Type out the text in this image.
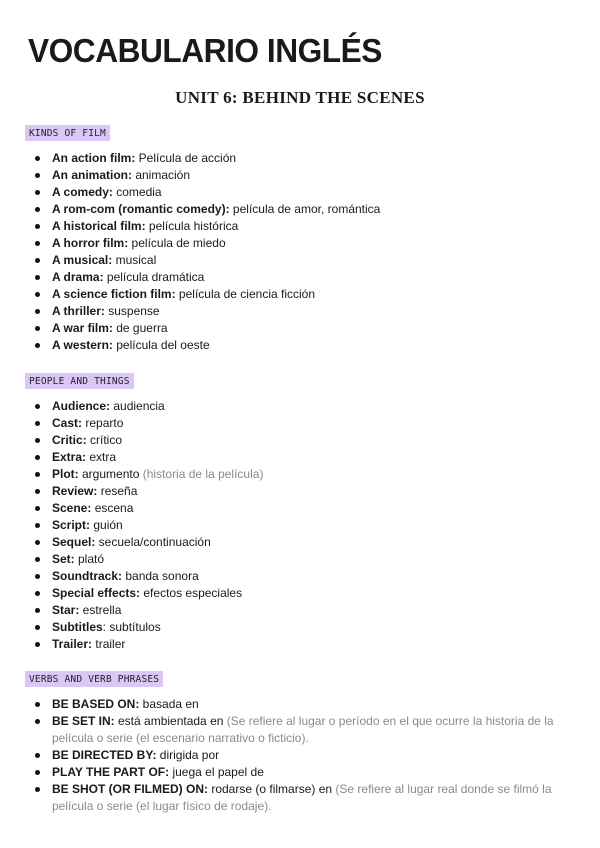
VOCABULARIO INGLÉS
UNIT 6: BEHIND THE SCENES
KINDS OF FILM
An action film: Película de acción
An animation: animación
A comedy: comedia
A rom-com (romantic comedy): película de amor, romántica
A historical film: película histórica
A horror film: película de miedo
A musical: musical
A drama: película dramática
A science fiction film: película de ciencia ficción
A thriller: suspense
A war film: de guerra
A western: película del oeste
PEOPLE AND THINGS
Audience: audiencia
Cast: reparto
Critic: crítico
Extra: extra
Plot: argumento (historia de la película)
Review: reseña
Scene: escena
Script: guión
Sequel: secuela/continuación
Set: plató
Soundtrack: banda sonora
Special effects: efectos especiales
Star: estrella
Subtitles: subtítulos
Trailer: trailer
VERBS AND VERB PHRASES
BE BASED ON: basada en
BE SET IN: está ambientada en (Se refiere al lugar o período en el que ocurre la historia de la película o serie (el escenario narrativo o ficticio).
BE DIRECTED BY: dirigida por
PLAY THE PART OF: juega el papel de
BE SHOT (OR FILMED) ON: rodarse (o filmarse) en (Se refiere al lugar real donde se filmó la película o serie (el lugar físico de rodaje).
